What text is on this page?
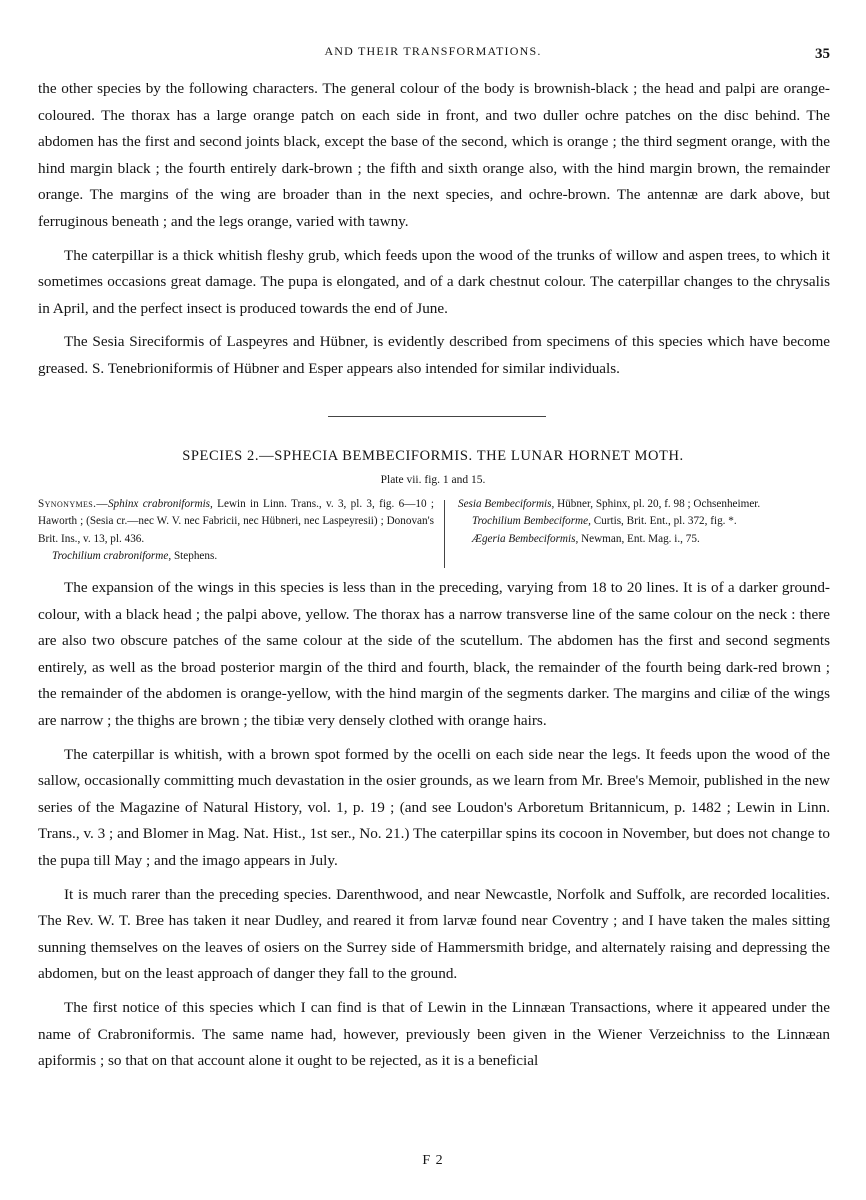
AND THEIR TRANSFORMATIONS.	35

the other species by the following characters. The general colour of the body is brownish-black ; the head and palpi are orange-coloured. The thorax has a large orange patch on each side in front, and two duller ochre patches on the disc behind. The abdomen has the first and second joints black, except the base of the second, which is orange ; the third segment orange, with the hind margin black ; the fourth entirely dark-brown ; the fifth and sixth orange also, with the hind margin brown, the remainder orange. The margins of the wing are broader than in the next species, and ochre-brown. The antennæ are dark above, but ferruginous beneath ; and the legs orange, varied with tawny.

The caterpillar is a thick whitish fleshy grub, which feeds upon the wood of the trunks of willow and aspen trees, to which it sometimes occasions great damage. The pupa is elongated, and of a dark chestnut colour. The caterpillar changes to the chrysalis in April, and the perfect insect is produced towards the end of June.

The Sesia Sireciformis of Laspeyres and Hübner, is evidently described from specimens of this species which have become greased. S. Tenebrioniformis of Hübner and Esper appears also intended for similar individuals.

SPECIES 2.—SPHECIA BEMBECIFORMIS. THE LUNAR HORNET MOTH.
Plate vii. fig. 1 and 15.

Synonymes.—Sphinx crabroniformis, Lewin in Linn. Trans., v. 3, pl. 3, fig. 6—10 ; Haworth ; (Sesia cr.—nec W. V. nec Fabricii, nec Hübneri, nec Laspeyresii) ; Donovan's Brit. Ins., v. 13, pl. 436.

Trochilium crabroniforme, Stephens.

Sesia Bembeciformis, Hübner, Sphinx, pl. 20, f. 98 ; Ochsenheimer.

Trochilium Bembeciforme, Curtis, Brit. Ent., pl. 372, fig. *.

Ægeria Bembeciformis, Newman, Ent. Mag. i., 75.

The expansion of the wings in this species is less than in the preceding, varying from 18 to 20 lines. It is of a darker ground-colour, with a black head ; the palpi above, yellow. The thorax has a narrow transverse line of the same colour on the neck : there are also two obscure patches of the same colour at the side of the scutellum. The abdomen has the first and second segments entirely, as well as the broad posterior margin of the third and fourth, black, the remainder of the fourth being dark-red brown ; the remainder of the abdomen is orange-yellow, with the hind margin of the segments darker. The margins and ciliæ of the wings are narrow ; the thighs are brown ; the tibiæ very densely clothed with orange hairs.

The caterpillar is whitish, with a brown spot formed by the ocelli on each side near the legs. It feeds upon the wood of the sallow, occasionally committing much devastation in the osier grounds, as we learn from Mr. Bree's Memoir, published in the new series of the Magazine of Natural History, vol. 1, p. 19 ; (and see Loudon's Arboretum Britannicum, p. 1482 ; Lewin in Linn. Trans., v. 3 ; and Blomer in Mag. Nat. Hist., 1st ser., No. 21.) The caterpillar spins its cocoon in November, but does not change to the pupa till May ; and the imago appears in July.

It is much rarer than the preceding species. Darenthwood, and near Newcastle, Norfolk and Suffolk, are recorded localities. The Rev. W. T. Bree has taken it near Dudley, and reared it from larvæ found near Coventry ; and I have taken the males sitting sunning themselves on the leaves of osiers on the Surrey side of Hammersmith bridge, and alternately raising and depressing the abdomen, but on the least approach of danger they fall to the ground.

The first notice of this species which I can find is that of Lewin in the Linnæan Transactions, where it appeared under the name of Crabroniformis. The same name had, however, previously been given in the Wiener Verzeichniss to the Linnæan apiformis ; so that on that account alone it ought to be rejected, as it is a beneficial

F 2
